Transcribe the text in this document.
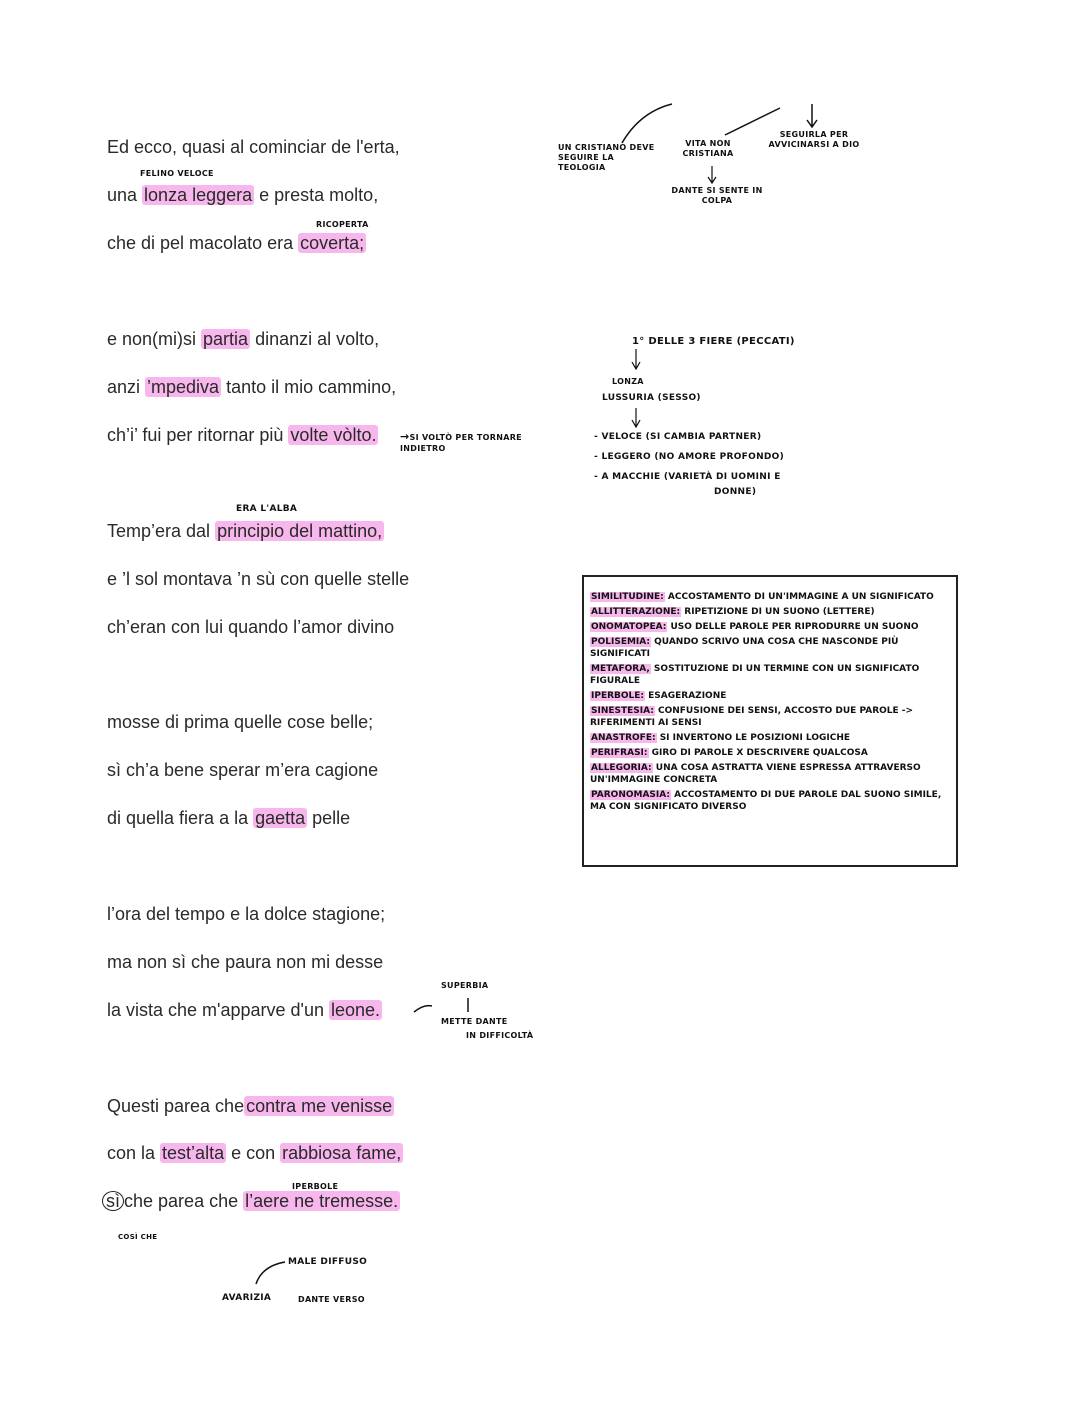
Ed ecco, quasi al cominciar de l'erta,
una lonza leggera e presta molto,
che di pel macolato era coverta;
e non(mi)si partia dinanzi al volto,
anzi ’mpediva tanto il mio cammino,
ch’i’ fui per ritornar più volte vòlto.
Temp’era dal principio del mattino,
e ’l sol montava ’n sù con quelle stelle
ch’eran con lui quando l’amor divino
mosse di prima quelle cose belle;
sì ch’a bene sperar m’era cagione
di quella fiera a la gaetta pelle
l’ora del tempo e la dolce stagione;
ma non sì che paura non mi desse
la vista che m'apparve d'un leone.
Questi parea che contra me venisse
con la test’alta e con rabbiosa fame,
sì che parea che l’aere ne tremesse.
FELINO VELOCE
RICOPERTA
UN CRISTIANO DEVE SEGUIRE LA TEOLOGIA
VITA NON CRISTIANA
SEGUIRLA PER AVVICINARSI A DIO
DANTE SI SENTE IN COLPA
→SI VOLTÒ PER TORNARE INDIETRO
1° DELLE 3 FIERE (PECCATI)
LONZA
LUSSURIA (SESSO)
- VELOCE (SI CAMBIA PARTNER)
- LEGGERO (NO AMORE PROFONDO)
- A MACCHIE (VARIETÀ DI UOMINI E
DONNE)
ERA L'ALBA
SUPERBIA
METTE DANTE
IN DIFFICOLTÀ
IPERBOLE
COSÌ CHE
MALE DIFFUSO
AVARIZIA	DANTE VERSO

SIMILITUDINE: ACCOSTAMENTO DI UN'IMMAGINE A UN SIGNIFICATO

ALLITTERAZIONE: RIPETIZIONE DI UN SUONO (LETTERE)

ONOMATOPEA: USO DELLE PAROLE PER RIPRODURRE UN SUONO

POLISEMIA: QUANDO SCRIVO UNA COSA CHE NASCONDE PIÙ SIGNIFICATI

METAFORA, SOSTITUZIONE DI UN TERMINE CON UN SIGNIFICATO FIGURALE

IPERBOLE: ESAGERAZIONE

SINESTESIA: CONFUSIONE DEI SENSI, ACCOSTO DUE PAROLE -> RIFERIMENTI AI SENSI

ANASTROFE: SI INVERTONO LE POSIZIONI LOGICHE

PERIFRASI: GIRO DI PAROLE X DESCRIVERE QUALCOSA

ALLEGORIA: UNA COSA ASTRATTA VIENE ESPRESSA ATTRAVERSO UN'IMMAGINE CONCRETA

PARONOMASIA: ACCOSTAMENTO DI DUE PAROLE DAL SUONO SIMILE, MA CON SIGNIFICATO DIVERSO
